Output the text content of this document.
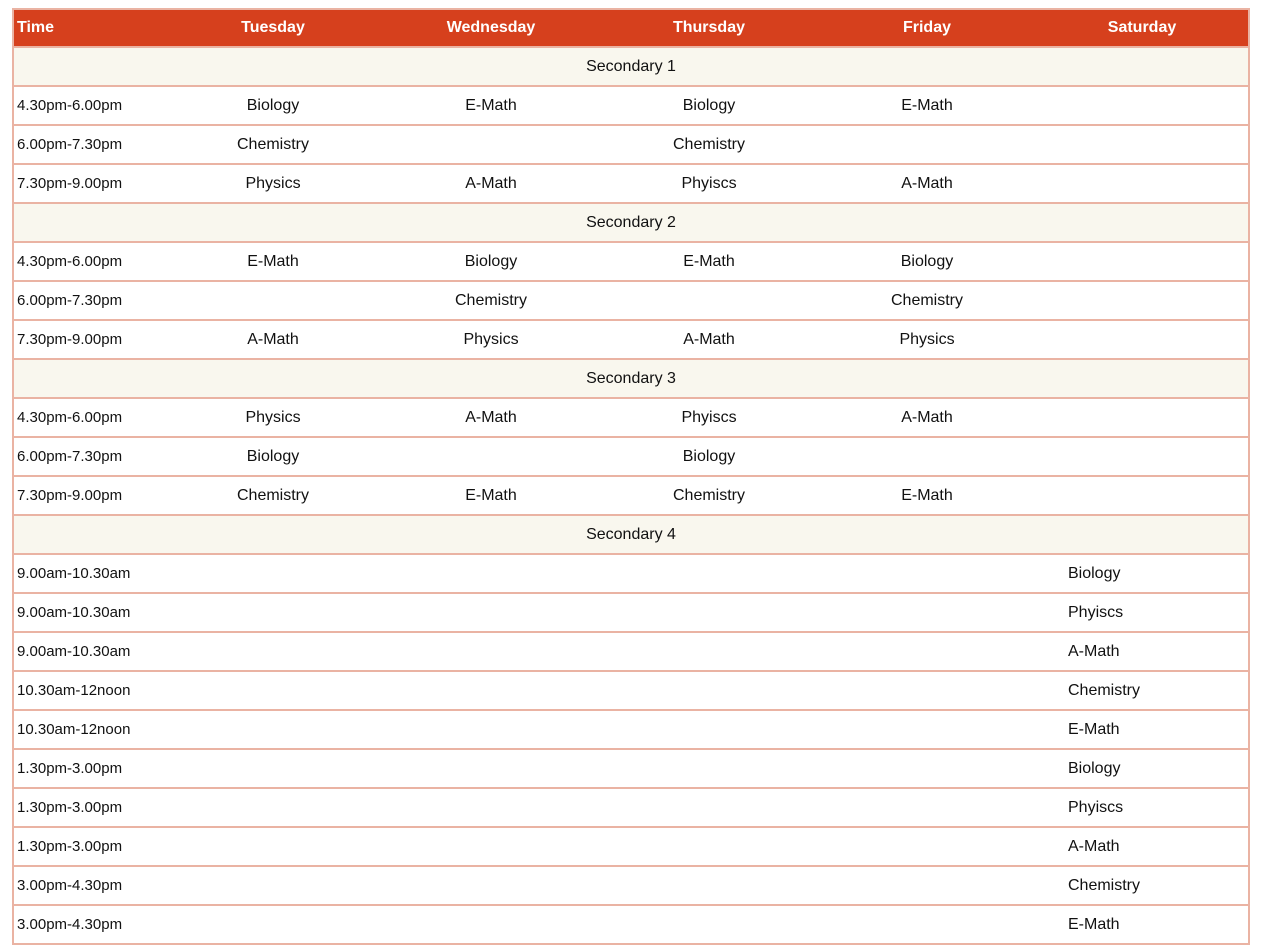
Time	Tuesday	Wednesday	Thursday	Friday	Saturday
Secondary 1					
4.30pm-6.00pm	Biology	E-Math	Biology	E-Math	
6.00pm-7.30pm	Chemistry		Chemistry		
7.30pm-9.00pm	Physics	A-Math	Phyiscs	A-Math	
Secondary 2					
4.30pm-6.00pm	E-Math	Biology	E-Math	Biology	
6.00pm-7.30pm		Chemistry		Chemistry	
7.30pm-9.00pm	A-Math	Physics	A-Math	Physics	
Secondary 3					
4.30pm-6.00pm	Physics	A-Math	Phyiscs	A-Math	
6.00pm-7.30pm	Biology		Biology		
7.30pm-9.00pm	Chemistry	E-Math	Chemistry	E-Math	
Secondary 4					
9.00am-10.30am					Biology
9.00am-10.30am					Phyiscs
9.00am-10.30am					A-Math
10.30am-12noon					Chemistry
10.30am-12noon					E-Math
1.30pm-3.00pm					Biology
1.30pm-3.00pm					Phyiscs
1.30pm-3.00pm					A-Math
3.00pm-4.30pm					Chemistry
3.00pm-4.30pm					E-Math
